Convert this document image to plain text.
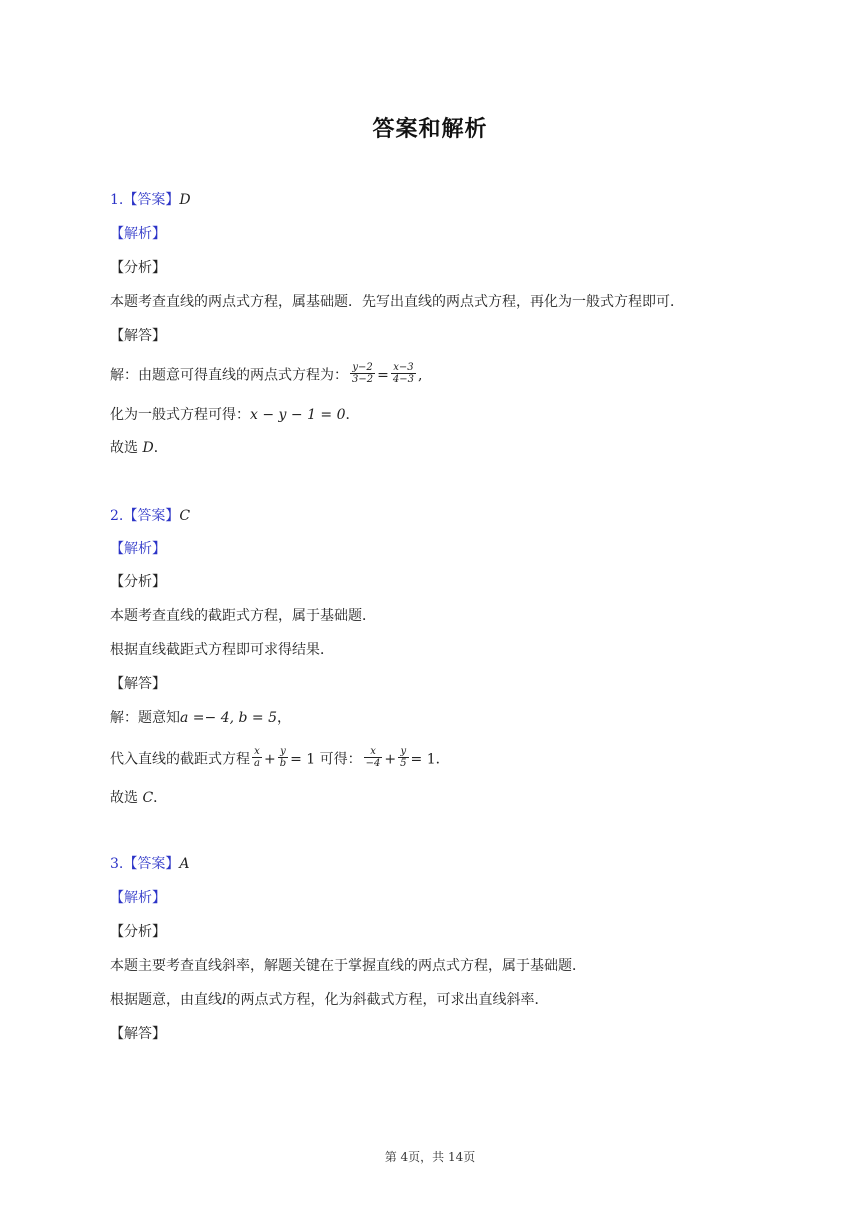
答案和解析
1.【答案】D
【解析】
【分析】
本题考查直线的两点式方程，属基础题．先写出直线的两点式方程，再化为一般式方程即可．
【解答】
解：由题意可得直线的两点式方程为： $\frac{y-2}{3-2} = \frac{x-3}{4-3}$ ,
化为一般式方程可得：x − y − 1 = 0．
故选 D．
2.【答案】C
【解析】
【分析】
本题考查直线的截距式方程，属于基础题．
根据直线截距式方程即可求得结果．
【解答】
解：题意知a =− 4, b = 5，
代入直线的截距式方程 $\frac{x}{a} + \frac{y}{b} = 1$ 可得： $\frac{x}{-4} + \frac{y}{5} = 1$．
故选 C．
3.【答案】A
【解析】
【分析】
本题主要考查直线斜率，解题关键在于掌握直线的两点式方程，属于基础题．
根据题意，由直线l的两点式方程，化为斜截式方程，可求出直线斜率．
【解答】
第 4页，共 14页
